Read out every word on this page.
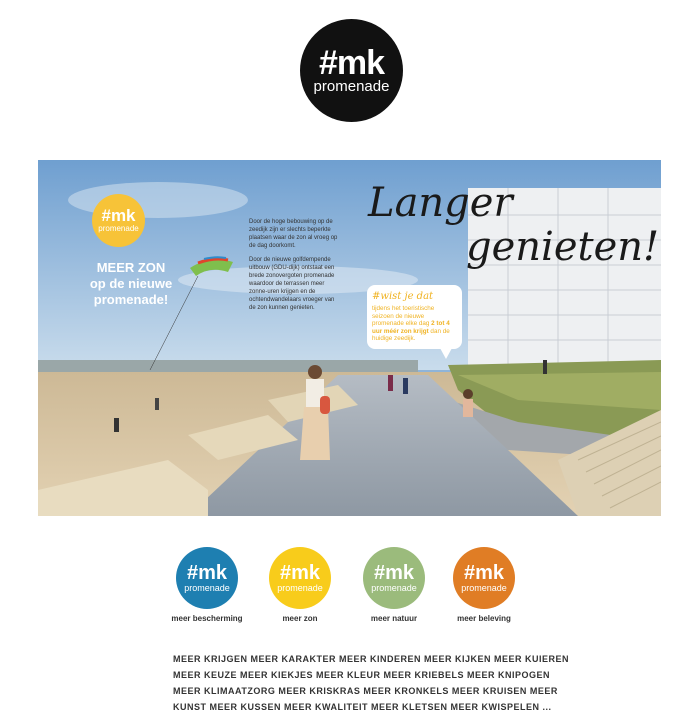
#mk
promenade
#mk
promenade
MEER ZON
op de nieuwe
promenade!

Door de hoge bebouwing op de zeedijk zijn er slechts beperkte plaatsen waar de zon al vroeg op de dag doorkomt.

Door de nieuwe golfdempende uitbouw (GDU-dijk) ontstaat een brede zonovergoten promenade waardoor de terrassen meer zonne-uren krijgen en de ochtendwandelaars vroeger van de zon kunnen genieten.

Langer
genieten!
#wist je dat
tijdens het toeristische seizoen de nieuwe promenade elke dag 2 tot 4 uur méér zon krijgt dan de huidige zeedijk.
#mk
promenade
meer bescherming
#mk
promenade
meer zon
#mk
promenade
meer natuur
#mk
promenade
meer beleving
MEER KRIJGEN MEER KARAKTER MEER KINDEREN MEER KIJKEN MEER KUIEREN
MEER KEUZE MEER KIEKJES MEER KLEUR MEER KRIEBELS MEER KNIPOGEN
MEER KLIMAATZORG MEER KRISKRAS MEER KRONKELS MEER KRUISEN MEER
KUNST MEER KUSSEN MEER KWALITEIT MEER KLETSEN MEER KWISPELEN ...
